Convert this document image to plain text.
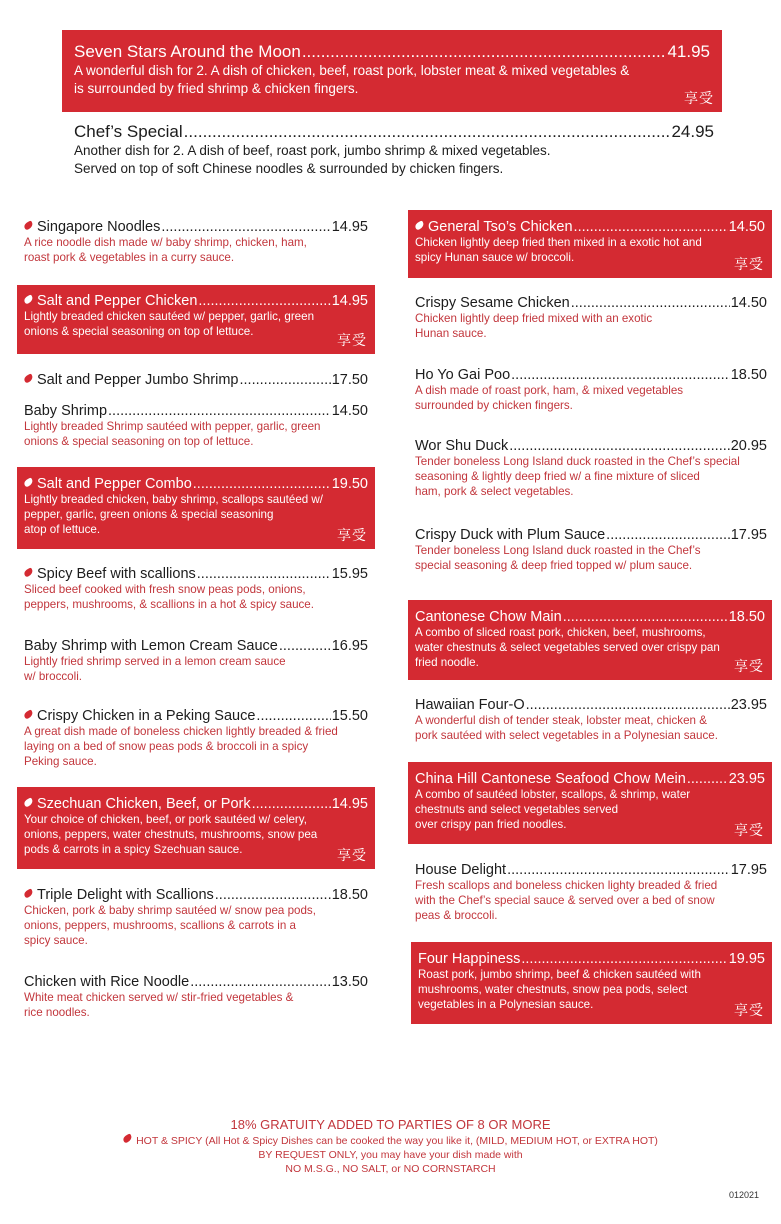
Seven Stars Around the Moon .....	41.95
A wonderful dish for 2. A dish of chicken, beef, roast pork, lobster meat & mixed vegetables &
is surrounded by fried shrimp & chicken fingers.
享受
Chef’s Special .....	24.95
Another dish for 2. A dish of beef, roast pork, jumbo shrimp & mixed vegetables.
Served on top of soft Chinese noodles & surrounded by chicken fingers.
Singapore Noodles .....	14.95
A rice noodle dish made w/ baby shrimp, chicken, ham,
roast pork & vegetables in a curry sauce.
Salt and Pepper Chicken .....	14.95
Lightly breaded chicken sautéed w/ pepper, garlic, green
onions & special seasoning on top of lettuce.
享受
Salt and Pepper Jumbo Shrimp .....	17.50
Baby Shrimp .....	14.50
Lightly breaded Shrimp sautéed with pepper, garlic, green
onions & special seasoning on top of lettuce.
Salt and Pepper Combo .....	19.50
Lightly breaded chicken, baby shrimp, scallops sautéed w/
pepper, garlic, green onions & special seasoning
atop of lettuce.	享受
Spicy Beef with scallions .....	15.95
Sliced beef cooked with fresh snow peas pods, onions,
peppers, mushrooms, & scallions in a hot & spicy sauce.
Baby Shrimp with Lemon Cream Sauce .....	16.95
Lightly fried shrimp served in a lemon cream sauce
w/ broccoli.
Crispy Chicken in a Peking Sauce .....	15.50
A great dish made of boneless chicken lightly breaded & fried
laying on a bed of snow peas pods & broccoli in a spicy
Peking sauce.
Szechuan Chicken, Beef, or Pork .....	14.95
Your choice of chicken, beef, or pork sautéed w/ celery,
onions, peppers, water chestnuts, mushrooms, snow pea
pods & carrots in a spicy Szechuan sauce.	享受
Triple Delight with Scallions .....	18.50
Chicken, pork & baby shrimp sautéed w/ snow pea pods,
onions, peppers, mushrooms, scallions & carrots in a
spicy sauce.
Chicken with Rice Noodle .....	13.50
White meat chicken served w/ stir-fried vegetables &
rice noodles.
General Tso’s Chicken .....	14.50
Chicken lightly deep fried then mixed in a exotic hot and
spicy Hunan sauce w/ broccoli.	享受
Crispy Sesame Chicken .....	14.50
Chicken lightly deep fried mixed with an exotic
Hunan sauce.
Ho Yo Gai Poo .....	18.50
A dish made of roast pork, ham, & mixed vegetables
surrounded by chicken fingers.
Wor Shu Duck .....	20.95
Tender boneless Long Island duck roasted in the Chef’s special
seasoning & lightly deep fried w/ a fine mixture of sliced
ham, pork & select vegetables.
Crispy Duck with Plum Sauce .....	17.95
Tender boneless Long Island duck roasted in the Chef’s
special seasoning & deep fried topped w/ plum sauce.
Cantonese Chow Main .....	18.50
A combo of sliced roast pork, chicken, beef, mushrooms,
water chestnuts & select vegetables served over crispy pan
fried noodle.	享受
Hawaiian Four-O .....	23.95
A wonderful dish of tender steak, lobster meat, chicken &
pork sautéed with select vegetables in a Polynesian sauce.
China Hill Cantonese Seafood Chow Mein .....	23.95
A combo of sautéed lobster, scallops, & shrimp, water
chestnuts and select vegetables served
over crispy pan fried noodles.	享受
House Delight .....	17.95
Fresh scallops and boneless chicken lighty breaded & fried
with the Chef’s special sauce & served over a bed of snow
peas & broccoli.
Four Happiness .....	19.95
Roast pork, jumbo shrimp, beef & chicken sautéed with
mushrooms, water chestnuts, snow pea pods, select
vegetables in a Polynesian sauce.	享受
18% GRATUITY ADDED TO PARTIES OF 8 OR MORE
HOT & SPICY (All Hot & Spicy Dishes can be cooked the way you like it, (MILD, MEDIUM HOT, or EXTRA HOT)
BY REQUEST ONLY, you may have your dish made with
NO M.S.G., NO SALT, or NO CORNSTARCH
012021
